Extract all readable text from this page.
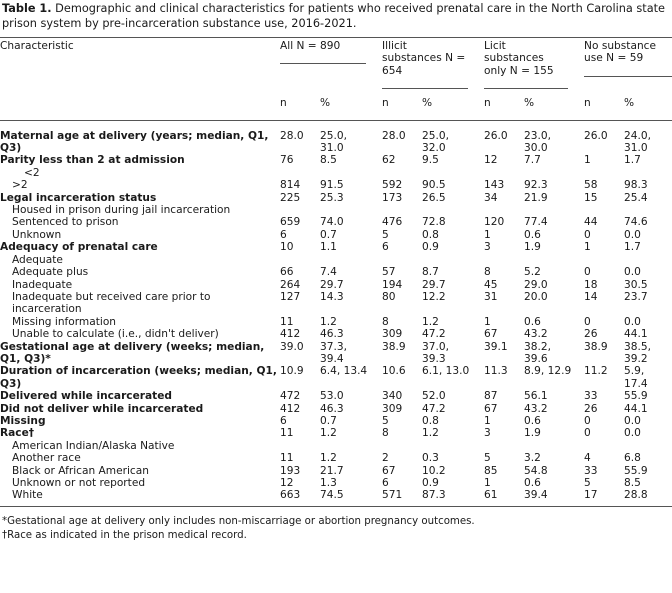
Table 1. Demographic and clinical characteristics for patients who received prenatal care in the North Carolina state prison system by pre-incarceration substance use, 2016-2021.
Characteristic	All N = 890		Illicit substances N = 654		Licit substances only N = 155		No substance use N = 59	

	n	%	n	%	n	%	n	%
Maternal age at delivery (years; median, Q1, Q3)	28.0	25.0, 31.0	28.0	25.0, 32.0	26.0	23.0, 30.0	26.0	24.0, 31.0
Parity less than 2 at admission	76	8.5	62	9.5	12	7.7	1	1.7
<2								
>2	814	91.5	592	90.5	143	92.3	58	98.3
Legal incarceration status	225	25.3	173	26.5	34	21.9	15	25.4
Housed in prison during jail incarceration								
Sentenced to prison	659	74.0	476	72.8	120	77.4	44	74.6
Unknown	6	0.7	5	0.8	1	0.6	0	0.0
Adequacy of prenatal care	10	1.1	6	0.9	3	1.9	1	1.7
Adequate								
Adequate plus	66	7.4	57	8.7	8	5.2	0	0.0
Inadequate	264	29.7	194	29.7	45	29.0	18	30.5
Inadequate but received care prior to incarceration	127	14.3	80	12.2	31	20.0	14	23.7
Missing information	11	1.2	8	1.2	1	0.6	0	0.0
Unable to calculate (i.e., didn't deliver)	412	46.3	309	47.2	67	43.2	26	44.1
Gestational age at delivery (weeks; median, Q1, Q3)*	39.0	37.3, 39.4	38.9	37.0, 39.3	39.1	38.2, 39.6	38.9	38.5, 39.2
Duration of incarceration (weeks; median, Q1, Q3)	10.9	6.4, 13.4	10.6	6.1, 13.0	11.3	8.9, 12.9	11.2	5.9, 17.4
Delivered while incarcerated	472	53.0	340	52.0	87	56.1	33	55.9
Did not deliver while incarcerated	412	46.3	309	47.2	67	43.2	26	44.1
Missing	6	0.7	5	0.8	1	0.6	0	0.0
Race†	11	1.2	8	1.2	3	1.9	0	0.0
American Indian/Alaska Native								
Another race	11	1.2	2	0.3	5	3.2	4	6.8
Black or African American	193	21.7	67	10.2	85	54.8	33	55.9
Unknown or not reported	12	1.3	6	0.9	1	0.6	5	8.5
White	663	74.5	571	87.3	61	39.4	17	28.8
*Gestational age at delivery only includes non-miscarriage or abortion pregnancy outcomes.
†Race as indicated in the prison medical record.
